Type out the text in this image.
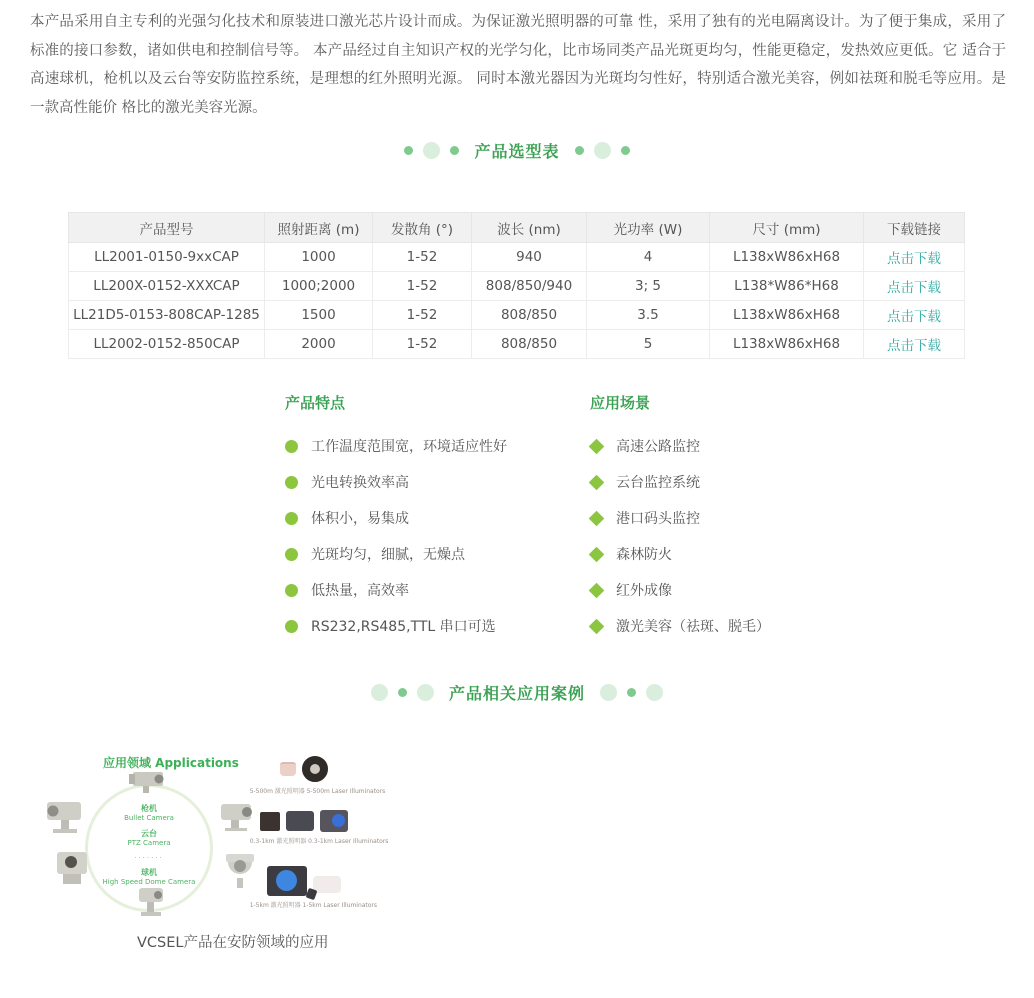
本产品采用自主专利的光强匀化技术和原装进口激光芯片设计而成。为保证激光照明器的可靠 性，采用了独有的光电隔离设计。为了便于集成，采用了标准的接口参数，诸如供电和控制信号等。 本产品经过自主知识产权的光学匀化，比市场同类产品光斑更均匀，性能更稳定，发热效应更低。它 适合于高速球机，枪机以及云台等安防监控系统，是理想的红外照明光源。 同时本激光器因为光斑均匀性好，特别适合激光美容，例如祛斑和脱毛等应用。是一款高性能价 格比的激光美容光源。

产品选型表
产品型号	照射距离 (m)	发散角 (°)	波长 (nm)	光功率 (W)	尺寸 (mm)	下载链接
LL2001-0150-9xxCAP	1000	1-52	940	4	L138xW86xH68	点击下载
LL200X-0152-XXXCAP	1000;2000	1-52	808/850/940	3; 5	L138*W86*H68	点击下载
LL21D5-0153-808CAP-1285	1500	1-52	808/850	3.5	L138xW86xH68	点击下载
LL2002-0152-850CAP	2000	1-52	808/850	5	L138xW86xH68	点击下载
产品特点
工作温度范围宽，环境适应性好
光电转换效率高
体积小，易集成
光斑均匀，细腻，无燥点
低热量，高效率
RS232,RS485,TTL 串口可选
应用场景
高速公路监控
云台监控系统
港口码头监控
森林防火
红外成像
激光美容（祛斑、脱毛）
产品相关应用案例
应用领域 Applications
枪机
Bullet Camera
云台
PTZ Camera
·······
球机
High Speed Dome Camera
5-500m 激光照明器 5-500m Laser Illuminators
0.3-1km 激光照明器 0.3-1km Laser Illuminators
1-5km 激光照明器 1-5km Laser Illuminators
VCSEL产品在安防领域的应用
